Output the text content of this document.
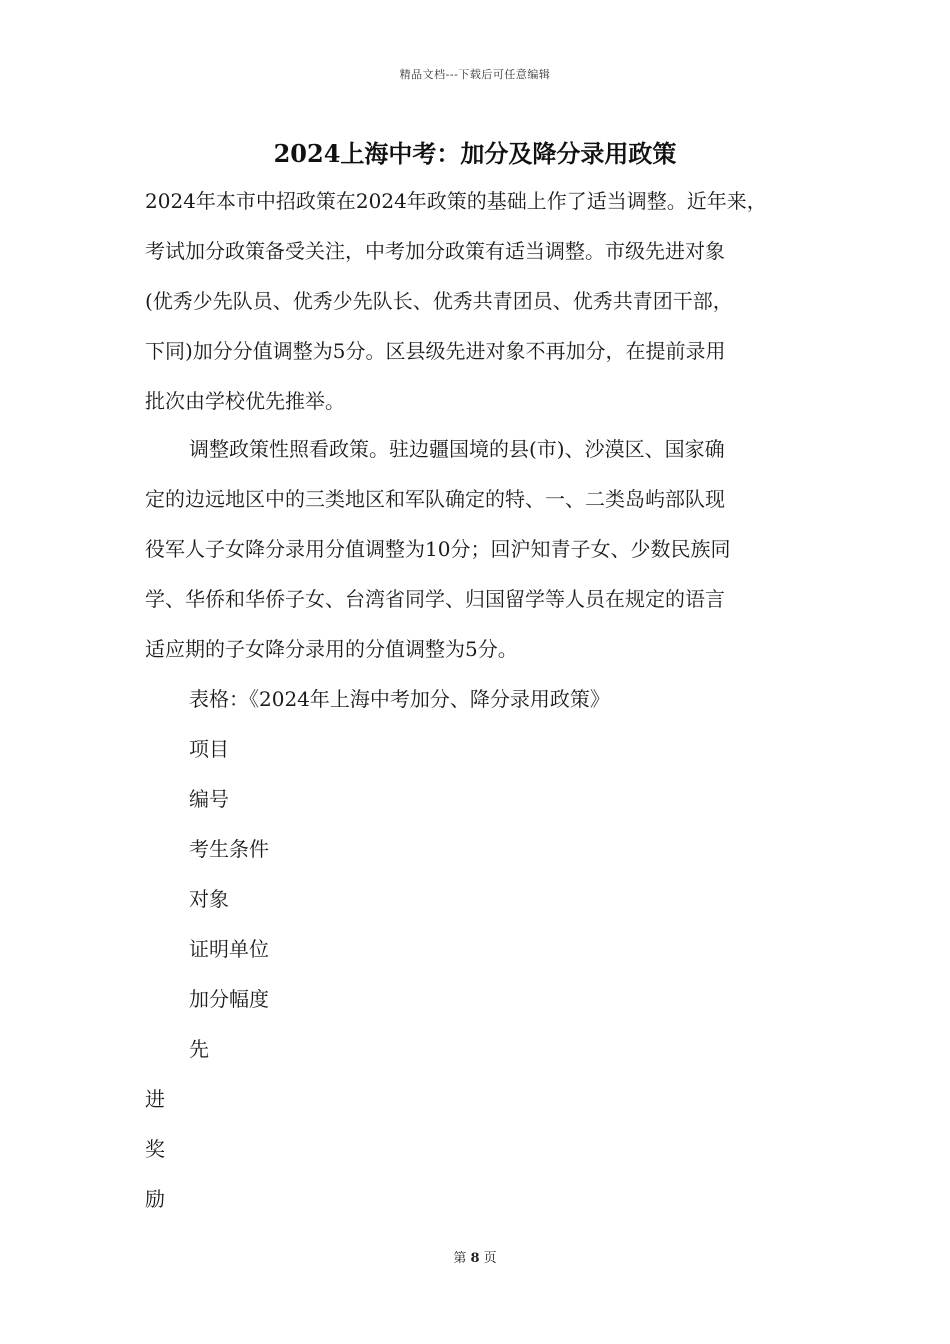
精品文档---下载后可任意编辑
2024上海中考：加分及降分录用政策
2024年本市中招政策在2024年政策的基础上作了适当调整。近年来，
考试加分政策备受关注，中考加分政策有适当调整。市级先进对象
(优秀少先队员、优秀少先队长、优秀共青团员、优秀共青团干部，
下同)加分分值调整为5分。区县级先进对象不再加分，在提前录用
批次由学校优先推举。
调整政策性照看政策。驻边疆国境的县(市)、沙漠区、国家确
定的边远地区中的三类地区和军队确定的特、一、二类岛屿部队现
役军人子女降分录用分值调整为10分；回沪知青子女、少数民族同
学、华侨和华侨子女、台湾省同学、归国留学等人员在规定的语言
适应期的子女降分录用的分值调整为5分。
表格：《2024年上海中考加分、降分录用政策》
项目
编号
考生条件
对象
证明单位
加分幅度
先
进
奖
励
第 8 页
